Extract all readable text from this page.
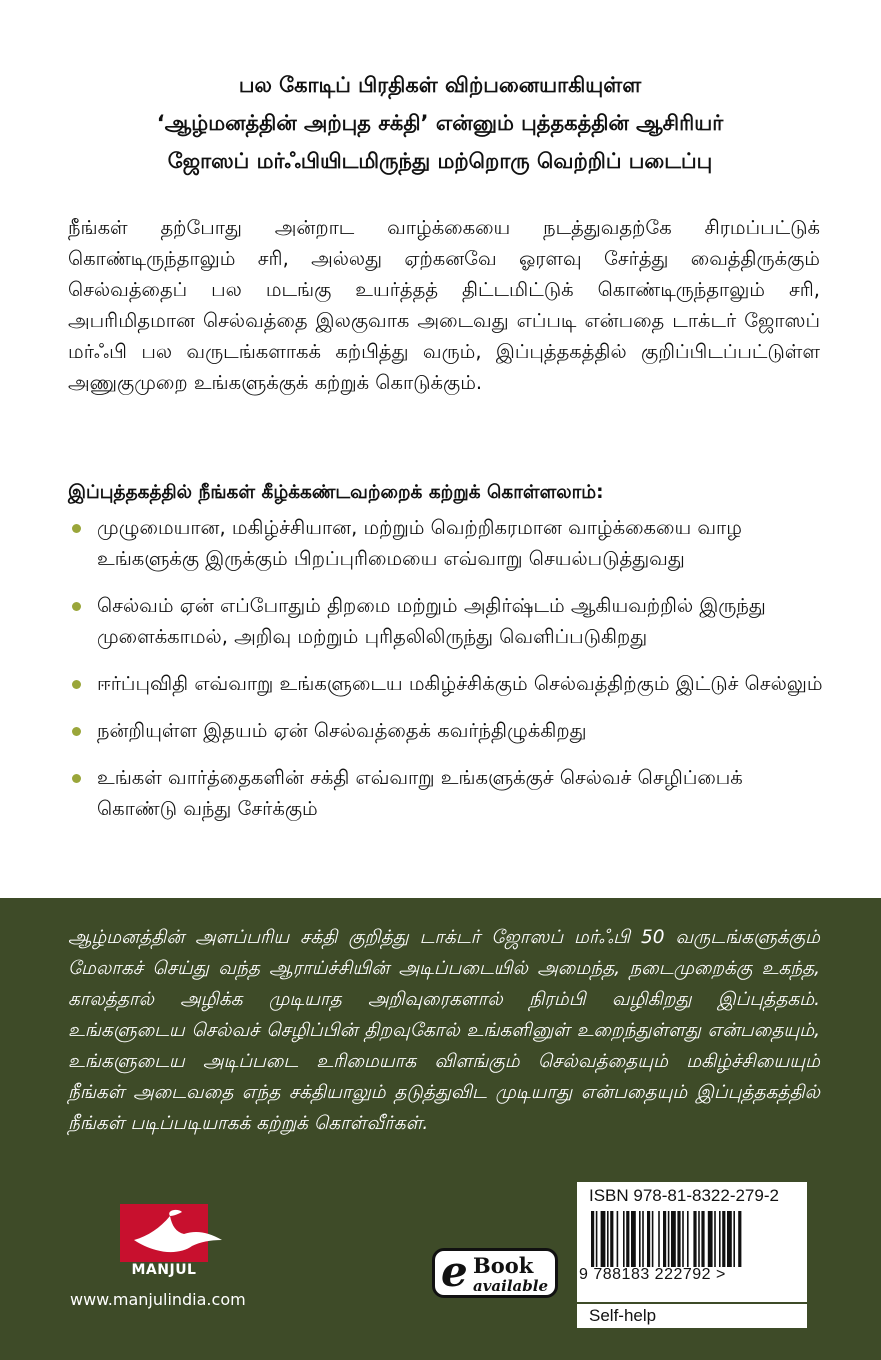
பல கோடிப் பிரதிகள் விற்பனையாகியுள்ள
‘ஆழ்மனத்தின் அற்புத சக்தி’ என்னும் புத்தகத்தின் ஆசிரியர்
ஜோஸப் மர்ஃபியிடமிருந்து மற்றொரு வெற்றிப் படைப்பு
நீங்கள் தற்போது அன்றாட வாழ்க்கையை நடத்துவதற்கே சிரமப்பட்டுக் கொண்டிருந்தாலும் சரி, அல்லது ஏற்கனவே ஓரளவு சேர்த்து வைத்திருக்கும் செல்வத்தைப் பல மடங்கு உயர்த்தத் திட்டமிட்டுக் கொண்டிருந்தாலும் சரி, அபரிமிதமான செல்வத்தை இலகுவாக அடைவது எப்படி என்பதை டாக்டர் ஜோஸப் மர்ஃபி பல வருடங்களாகக் கற்பித்து வரும், இப்புத்தகத்தில் குறிப்பிடப்பட்டுள்ள அணுகுமுறை உங்களுக்குக் கற்றுக் கொடுக்கும்.
இப்புத்தகத்தில் நீங்கள் கீழ்க்கண்டவற்றைக் கற்றுக் கொள்ளலாம்:
முழுமையான, மகிழ்ச்சியான, மற்றும் வெற்றிகரமான வாழ்க்கையை வாழ உங்களுக்கு இருக்கும் பிறப்புரிமையை எவ்வாறு செயல்படுத்துவது
செல்வம் ஏன் எப்போதும் திறமை மற்றும் அதிர்ஷ்டம் ஆகியவற்றில் இருந்து முளைக்காமல், அறிவு மற்றும் புரிதலிலிருந்து வெளிப்படுகிறது
ஈர்ப்புவிதி எவ்வாறு உங்களுடைய மகிழ்ச்சிக்கும் செல்வத்திற்கும் இட்டுச் செல்லும்
நன்றியுள்ள இதயம் ஏன் செல்வத்தைக் கவர்ந்திழுக்கிறது
உங்கள் வார்த்தைகளின் சக்தி எவ்வாறு உங்களுக்குச் செல்வச் செழிப்பைக் கொண்டு வந்து சேர்க்கும்
ஆழ்மனத்தின் அளப்பரிய சக்தி குறித்து டாக்டர் ஜோஸப் மர்ஃபி 50 வருடங்களுக்கும் மேலாகச் செய்து வந்த ஆராய்ச்சியின் அடிப்படையில் அமைந்த, நடைமுறைக்கு உகந்த, காலத்தால் அழிக்க முடியாத அறிவுரைகளால் நிரம்பி வழிகிறது இப்புத்தகம். உங்களுடைய செல்வச் செழிப்பின் திறவுகோல் உங்களினுள் உறைந்துள்ளது என்பதையும், உங்களுடைய அடிப்படை உரிமையாக விளங்கும் செல்வத்தையும் மகிழ்ச்சியையும் நீங்கள் அடைவதை எந்த சக்தியாலும் தடுத்துவிட முடியாது என்பதையும் இப்புத்தகத்தில் நீங்கள் படிப்படியாகக் கற்றுக் கொள்வீர்கள்.
MANJUL
www.manjulindia.com
e Book
available
ISBN 978-81-8322-279-2
9 788183 222792 >
Self-help
